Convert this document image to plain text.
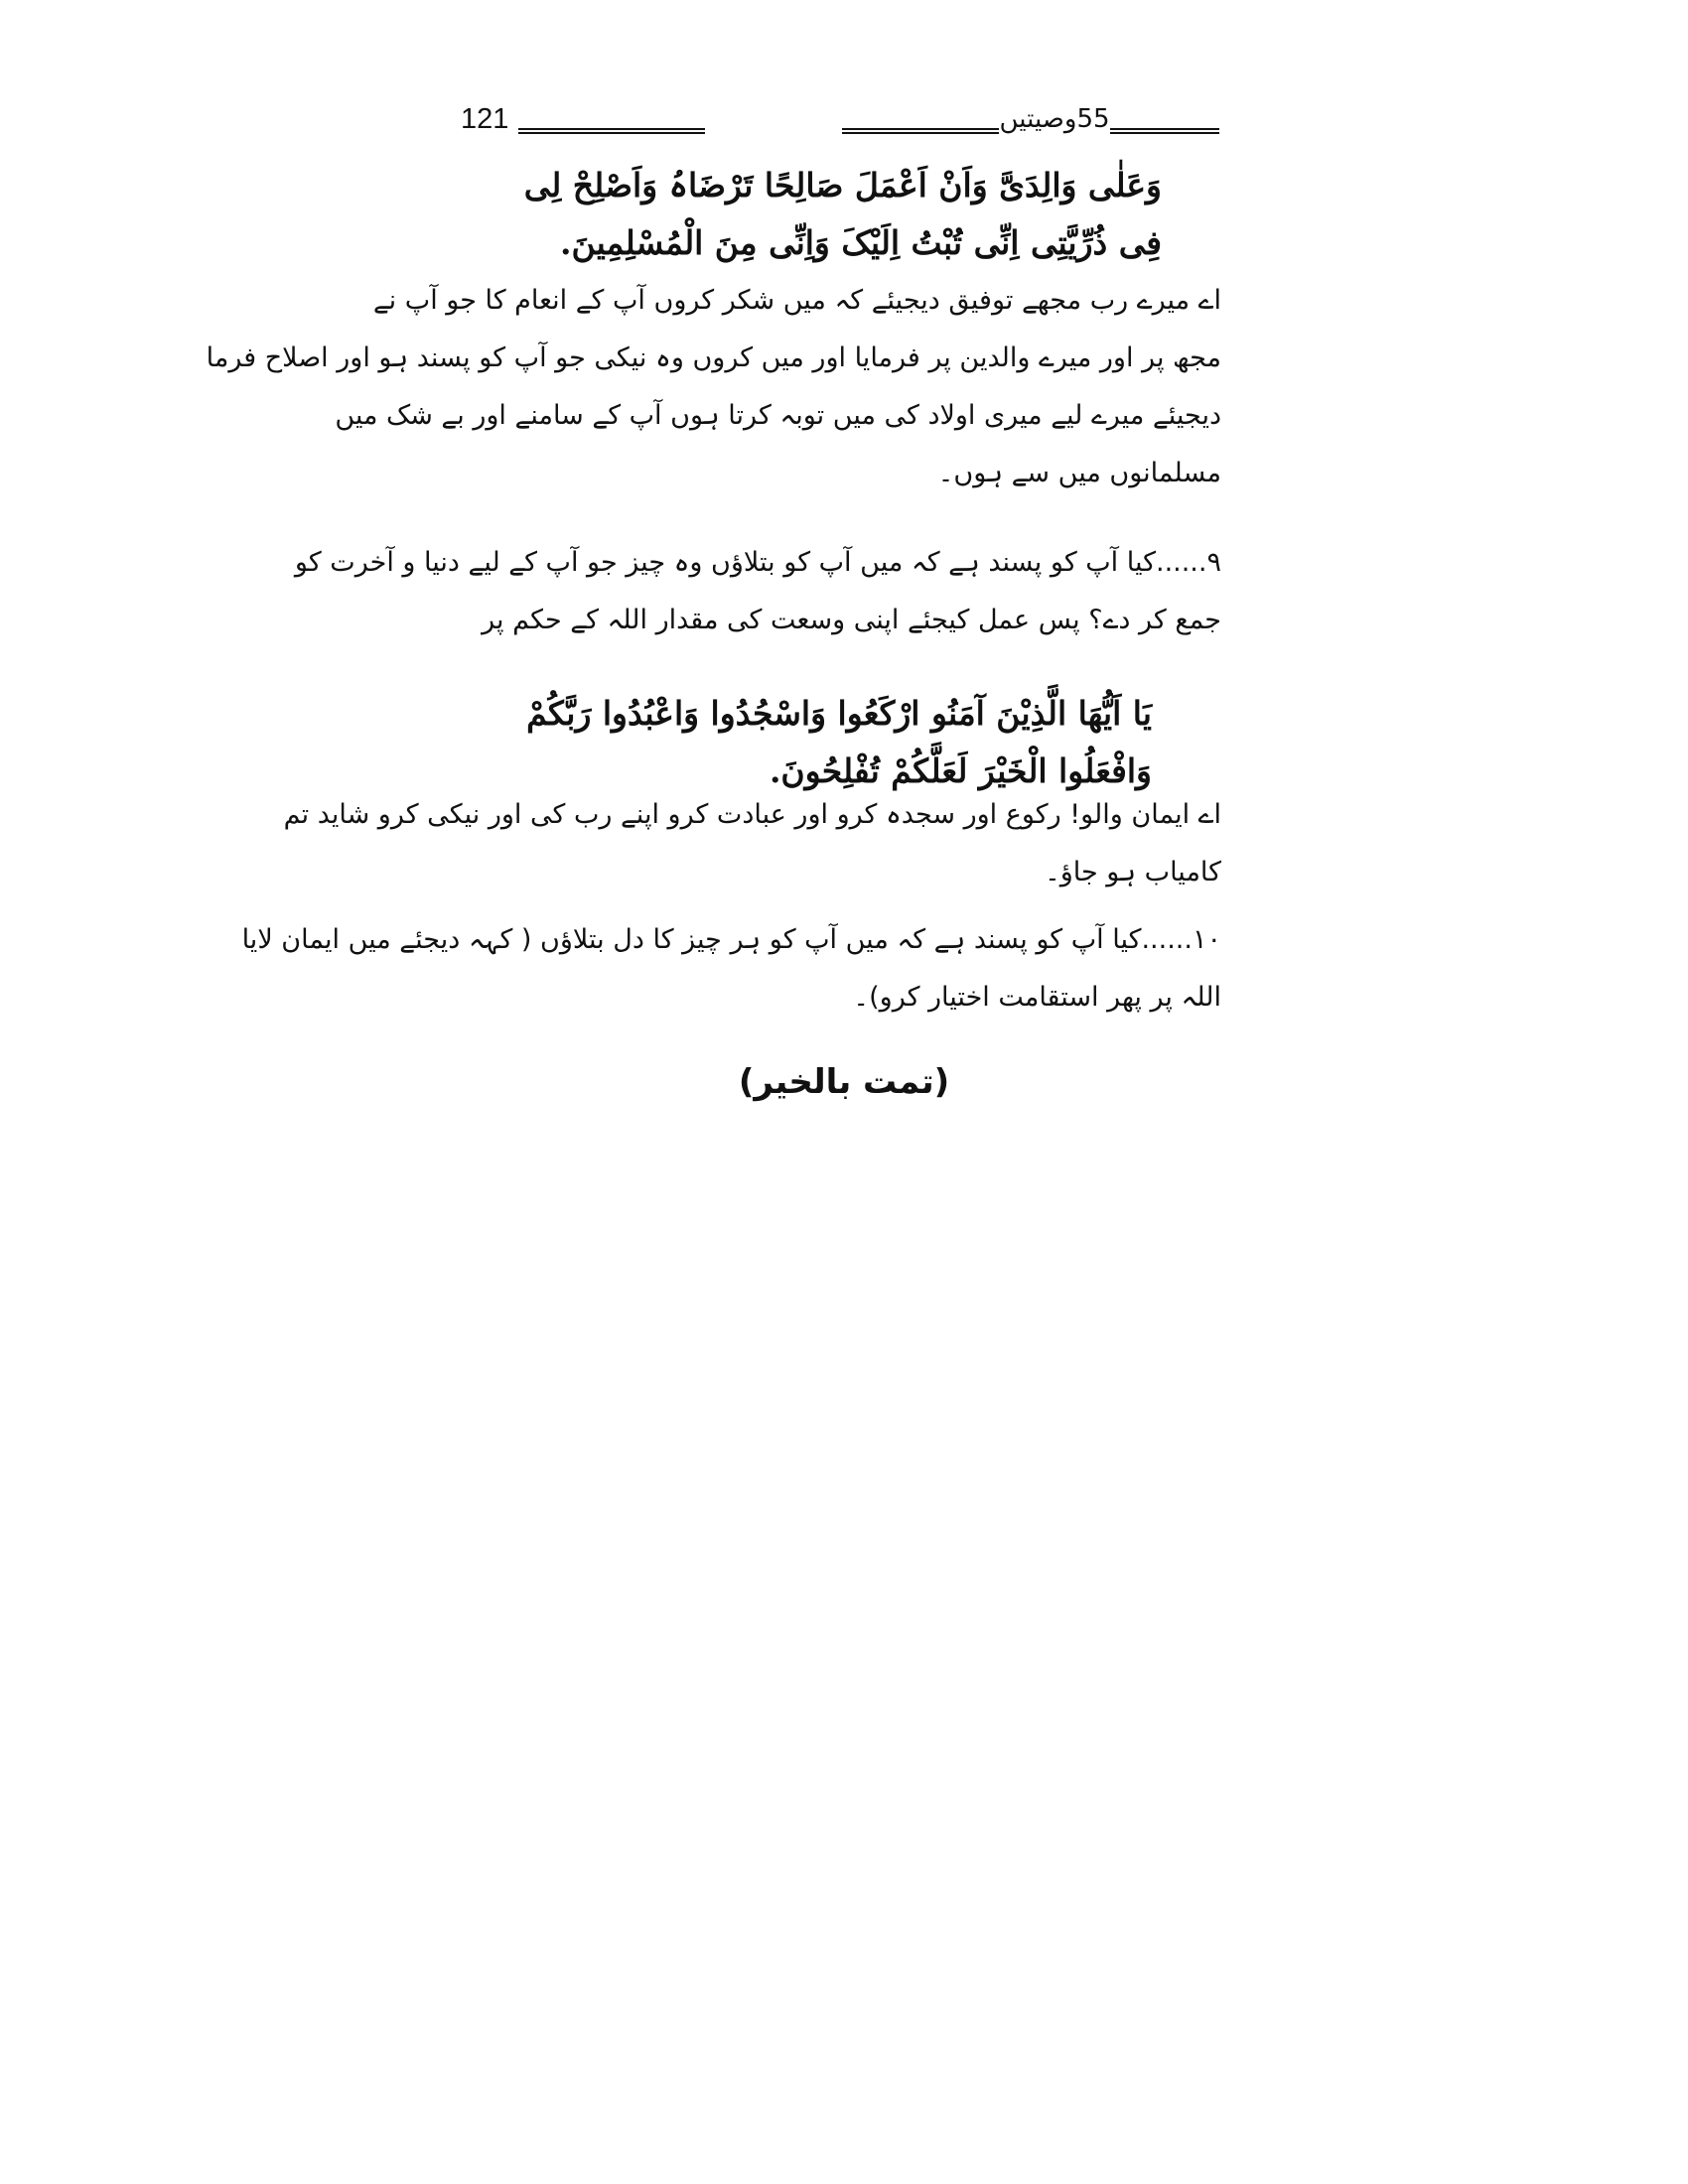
121	55وصیتیں
وَعَلٰی وَالِدَیَّ وَاَنْ اَعْمَلَ صَالِحًا تَرْضَاہُ وَاَصْلِحْ لِی
فِی ذُرِّیَّتِی اِنِّی تُبْتُ اِلَیْکَ وَاِنِّی مِنَ الْمُسْلِمِینَ.
اے میرے رب مجھے توفیق دیجیئے کہ میں شکر کروں آپ کے انعام کا جو آپ نے
مجھ پر اور میرے والدین پر فرمایا اور میں کروں وہ نیکی جو آپ کو پسند ہو اور اصلاح فرما
دیجیئے میرے لیے میری اولاد کی میں توبہ کرتا ہوں آپ کے سامنے اور بے شک میں
مسلمانوں میں سے ہوں۔
۹......کیا آپ کو پسند ہے کہ میں آپ کو بتلاؤں وہ چیز جو آپ کے لیے دنیا و آخرت کو
جمع کر دے؟ پس عمل کیجئے اپنی وسعت کی مقدار اللہ کے حکم پر
یَا اَیُّهَا الَّذِیْنَ آمَنُو ارْکَعُوا وَاسْجُدُوا وَاعْبُدُوا رَبَّکُمْ
وَافْعَلُوا الْخَیْرَ لَعَلَّکُمْ تُفْلِحُونَ.
اے ایمان والو! رکوع اور سجدہ کرو اور عبادت کرو اپنے رب کی اور نیکی کرو شاید تم
کامیاب ہو جاؤ۔
۱۰......کیا آپ کو پسند ہے کہ میں آپ کو ہر چیز کا دل بتلاؤں ( کہہ دیجئے میں ایمان لایا
اللہ پر پھر استقامت اختیار کرو)۔
(تمت بالخیر)
